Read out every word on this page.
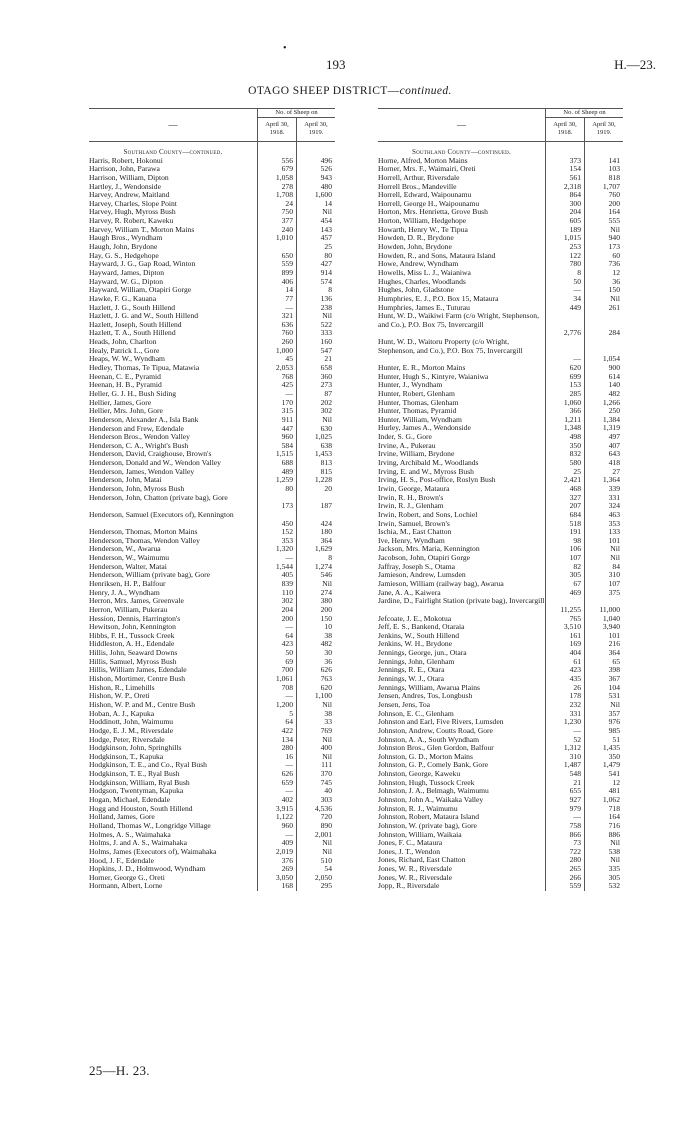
•
193	H.—23.
OTAGO SHEEP DISTRICT—continued.
—	No. of Sheep on	
	April 30, 1918.	April 30, 1919.
Southland County—continued.		
Harris, Robert, Hokonui	556	496
Harrison, John, Parawa	679	526
Harrison, William, Dipton	1,058	943
Hartley, J., Wendonside	278	480
Harvey, Andrew, Maitland	1,708	1,600
Harvey, Charles, Slope Point	24	14
Harvey, Hugh, Myross Bush	750	Nil
Harvey, R. Robert, Kaweku	377	454
Harvey, William T., Morton Mains	240	143
Haugh Bros., Wyndham	1,010	457
Haugh, John, Brydone		25
Hay, G. S., Hedgehope	650	80
Hayward, J. G., Gap Road, Winton	559	427
Hayward, James, Dipton	899	914
Hayward, W. G., Dipton	406	574
Hayward, William, Otapiri Gorge	14	8
Hawke, F. G., Kauana	77	136
Hazlett, J. G., South Hillend	—	238
Hazlett, J. G. and W., South Hillend	321	Nil
Hazlett, Joseph, South Hillend	636	522
Hazlett, T. A., South Hillend	760	333
Heads, John, Charlton	260	160
Healy, Patrick L., Gore	1,000	547
Heaps, W. W., Wyndham	45	21
Hedley, Thomas, Te Tipua, Matawia	2,053	658
Heenan, C. E., Pyramid	768	360
Heenan, H. B., Pyramid	425	273
Heller, G. J. H., Bush Siding	—	87
Hellier, James, Gore	170	202
Hellier, Mrs. John, Gore	315	302
Henderson, Alexander A., Isla Bank	911	Nil
Henderson and Frew, Edendale	447	630
Henderson Bros., Wendon Valley	960	1,025
Henderson, C. A., Wright's Bush	584	638
Henderson, David, Craighouse, Brown's	1,515	1,453
Henderson, Donald and W., Wendon Valley	688	813
Henderson, James, Wendon Valley	489	815
Henderson, John, Matai	1,259	1,228
Henderson, John, Myross Bush	80	20
Henderson, John, Chatton (private bag), Gore	173	187
Henderson, Samuel (Executors of), Kennington	450	424
Henderson, Thomas, Morton Mains	152	180
Henderson, Thomas, Wendon Valley	353	364
Henderson, W., Awarua	1,320	1,629
Henderson, W., Waimumu	—	8
Henderson, Walter, Matai	1,544	1,274
Henderson, William (private bag), Gore	405	546
Henriksen, H. P., Balfour	839	Nil
Henry, J. A., Wyndham	110	274
Herron, Mrs. James, Greenvale	302	380
Herron, William, Pukerau	204	200
Hession, Dennis, Harrington's	200	150
Hewitson, John, Kennington	—	10
Hibbs, F. H., Tussock Creek	64	38
Hiddleston, A. H., Edendale	423	482
Hillis, John, Seaward Downs	50	30
Hillis, Samuel, Myross Bush	69	36
Hillis, William James, Edendale	700	626
Hishon, Mortimer, Centre Bush	1,061	763
Hishon, R., Limehills	708	620
Hishon, W. P., Oreti	—	1,100
Hishon, W. P. and M., Centre Bush	1,200	Nil
Hoban, A. J., Kapuka	5	38
Hoddinott, John, Waimumu	64	33
Hodge, E. J. M., Riversdale	422	769
Hodge, Peter, Riversdale	134	Nil
Hodgkinson, John, Springhills	280	400
Hodgkinson, T., Kapuka	16	Nil
Hodgkinson, T. E., and Co., Ryal Bush	—	111
Hodgkinson, T. E., Ryal Bush	626	370
Hodgkinson, William, Ryal Bush	659	745
Hodgson, Twentyman, Kapuka	—	40
Hogan, Michael, Edendale	402	303
Hogg and Houston, South Hillend	3,915	4,536
Holland, James, Gore	1,122	720
Holland, Thomas W., Longridge Village	960	890
Holmes, A. S., Waimahaka	—	2,001
Holms, J. and A. S., Waimahaka	409	Nil
Holms, James (Executors of), Waimahaka	2,019	Nil
Hood, J. F., Edendale	376	510
Hopkins, J. D., Holmwood, Wyndham	269	54
Horner, George G., Oreti	3,050	2,050
Hormann, Albert, Lorne	168	295
—	No. of Sheep on	
	April 30, 1918.	April 30, 1919.
Southland County—continued.		
Horne, Alfred, Morton Mains	373	141
Horner, Mrs. F., Waimairi, Oreti	154	103
Horrell, Arthur, Riversdale	561	818
Horrell Bros., Mandeville	2,318	1,707
Horrell, Edward, Waipounamu	864	760
Horrell, George H., Waipounamu	300	200
Horton, Mrs. Henrietta, Grove Bush	204	164
Horton, William, Hedgehope	605	555
Howarth, Henry W., Te Tipua	189	Nil
Howden, D. R., Brydone	1,015	940
Howden, John, Brydone	253	173
Howden, R., and Sons, Mataura Island	122	60
Howe, Andrew, Wyndham	780	736
Howells, Miss L. J., Waianiwa	8	12
Hughes, Charles, Woodlands	50	36
Hughes, John, Gladstone	—	150
Humphries, E. J., P.O. Box 15, Mataura	34	Nil
Humphries, James E., Tuturau	449	261
Hunt, W. D., Waikiwi Farm (c/o Wright, Stephenson, and Co.), P.O. Box 75, Invercargill	2,776	284
Hunt, W. D., Waitoru Property (c/o Wright, Stephenson, and Co.), P.O. Box 75, Invercargill	—	1,054
Hunter, E. R., Morton Mains	620	900
Hunter, Hugh S., Kintyre, Waianiwa	699	614
Hunter, J., Wyndham	153	140
Hunter, Robert, Glenham	285	482
Hunter, Thomas, Glenham	1,060	1,266
Hunter, Thomas, Pyramid	366	250
Hunter, William, Wyndham	1,211	1,384
Hurley, James A., Wendonside	1,348	1,319
Inder, S. G., Gore	498	497
Irvine, A., Pukerau	350	407
Irvine, William, Brydone	832	643
Irving, Archibald M., Woodlands	580	418
Irving, E. and W., Myross Bush	25	27
Irving, H. S., Post-office, Roslyn Bush	2,421	1,364
Irwin, George, Mataura	468	339
Irwin, R. H., Brown's	327	331
Irwin, R. J., Glenham	207	324
Irwin, Robert, and Sons, Lochiel	684	463
Irwin, Samuel, Brown's	518	353
Ischia, M., East Chatton	191	133
Ive, Henry, Wyndham	98	101
Jackson, Mrs. Maria, Kennington	106	Nil
Jacobson, John, Otapiri Gorge	107	Nil
Jaffray, Joseph S., Otama	82	84
Jamieson, Andrew, Lumsden	305	310
Jamieson, William (railway bag), Awarua	67	107
Jane, A. A., Kaiwera	469	375
Jardine, D., Fairlight Station (private bag), Invercargill	11,255	11,000
Jefcoate, J. E., Mokotua	765	1,040
Jeff, E. S., Bankend, Otaraia	3,510	3,940
Jenkins, W., South Hillend	161	101
Jenkins, W. H., Brydone	169	216
Jennings, George, jun., Otara	404	364
Jennings, John, Glenham	61	65
Jennings, R. E., Otara	423	398
Jennings, W. J., Otara	435	367
Jennings, William, Awarua Plains	26	104
Jensen, Andres, Tos, Longbush	178	531
Jensen, Jens, Toa	232	Nil
Johnson, E. C., Glenham	331	357
Johnston and Earl, Five Rivers, Lumsden	1,230	976
Johnston, Andrew, Coutts Road, Gore	—	985
Johnston, A. A., South Wyndham	52	51
Johnston Bros., Glen Gordon, Balfour	1,312	1,435
Johnston, G. D., Morton Mains	310	350
Johnston, G. P., Comely Bank, Gore	1,487	1,479
Johnston, George, Kaweku	548	541
Johnston, Hugh, Tussock Creek	21	12
Johnston, J. A., Belmagh, Waimumu	655	481
Johnston, John A., Waikaka Valley	927	1,062
Johnston, R. J., Waimumu	979	718
Johnston, Robert, Mataura Island	—	164
Johnston, W. (private bag), Gore	758	716
Johnston, William, Waikaia	866	886
Jones, F. C., Mataura	73	Nil
Jones, J. T., Wendon	722	538
Jones, Richard, East Chatton	280	Nil
Jones, W. R., Riversdale	265	335
Jones, W. R., Riversdale	266	305
Jopp, R., Riversdale	559	532
25—H. 23.
